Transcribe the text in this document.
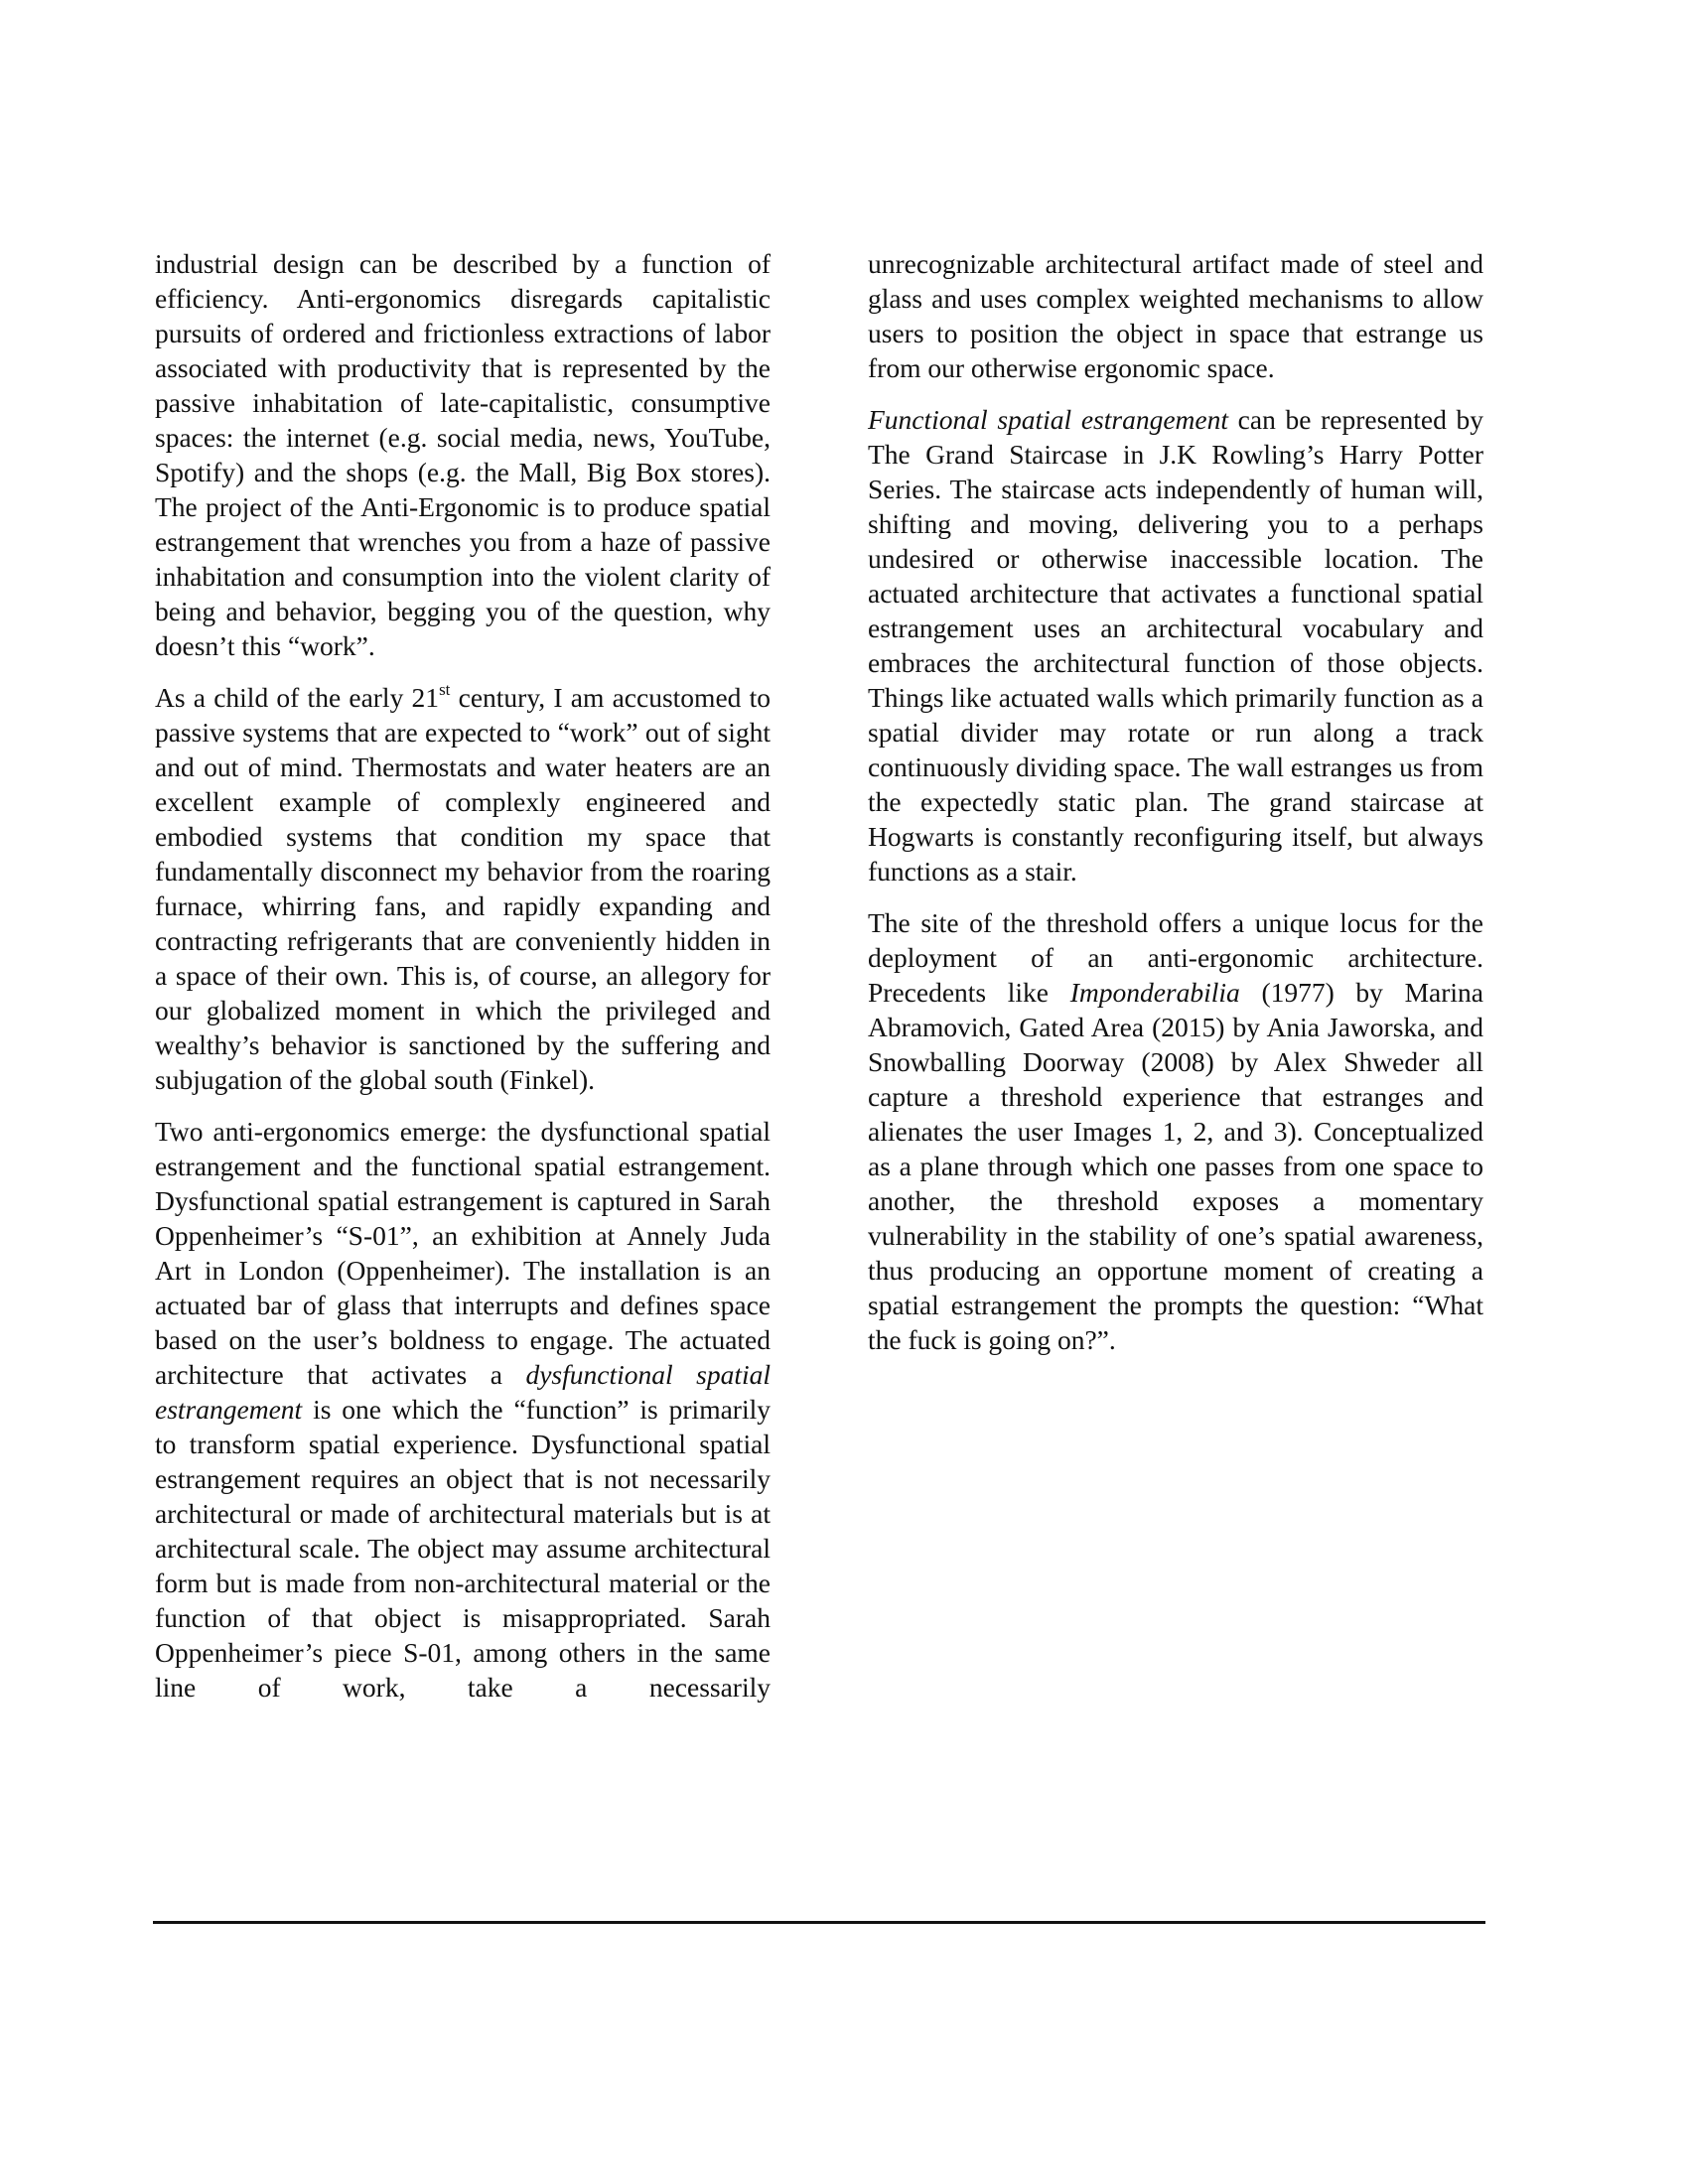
industrial design can be described by a function of efficiency. Anti-ergonomics disregards capitalistic pursuits of ordered and frictionless extractions of labor associated with productivity that is represented by the passive inhabitation of late-capitalistic, consumptive spaces: the internet (e.g. social media, news, YouTube, Spotify) and the shops (e.g. the Mall, Big Box stores). The project of the Anti-Ergonomic is to produce spatial estrangement that wrenches you from a haze of passive inhabitation and consumption into the violent clarity of being and behavior, begging you of the question, why doesn’t this “work”.

As a child of the early 21st century, I am accustomed to passive systems that are expected to “work” out of sight and out of mind. Thermostats and water heaters are an excellent example of complexly engineered and embodied systems that condition my space that fundamentally disconnect my behavior from the roaring furnace, whirring fans, and rapidly expanding and contracting refrigerants that are conveniently hidden in a space of their own. This is, of course, an allegory for our globalized moment in which the privileged and wealthy’s behavior is sanctioned by the suffering and subjugation of the global south (Finkel).

Two anti-ergonomics emerge: the dysfunctional spatial estrangement and the functional spatial estrangement. Dysfunctional spatial estrangement is captured in Sarah Oppenheimer’s “S-01”, an exhibition at Annely Juda Art in London (Oppenheimer). The installation is an actuated bar of glass that interrupts and defines space based on the user’s boldness to engage. The actuated architecture that activates a dysfunctional spatial estrangement is one which the “function” is primarily to transform spatial experience. Dysfunctional spatial estrangement requires an object that is not necessarily architectural or made of architectural materials but is at architectural scale. The object may assume architectural form but is made from non-architectural material or the function of that object is misappropriated. Sarah Oppenheimer’s piece S-01, among others in the same line of work, take a necessarily

unrecognizable architectural artifact made of steel and glass and uses complex weighted mechanisms to allow users to position the object in space that estrange us from our otherwise ergonomic space.

Functional spatial estrangement can be represented by The Grand Staircase in J.K Rowling’s Harry Potter Series. The staircase acts independently of human will, shifting and moving, delivering you to a perhaps undesired or otherwise inaccessible location. The actuated architecture that activates a functional spatial estrangement uses an architectural vocabulary and embraces the architectural function of those objects. Things like actuated walls which primarily function as a spatial divider may rotate or run along a track continuously dividing space. The wall estranges us from the expectedly static plan. The grand staircase at Hogwarts is constantly reconfiguring itself, but always functions as a stair.

The site of the threshold offers a unique locus for the deployment of an anti-ergonomic architecture. Precedents like Imponderabilia (1977) by Marina Abramovich, Gated Area (2015) by Ania Jaworska, and Snowballing Doorway (2008) by Alex Shweder all capture a threshold experience that estranges and alienates the user Images 1, 2, and 3). Conceptualized as a plane through which one passes from one space to another, the threshold exposes a momentary vulnerability in the stability of one’s spatial awareness, thus producing an opportune moment of creating a spatial estrangement the prompts the question: “What the fuck is going on?”.
